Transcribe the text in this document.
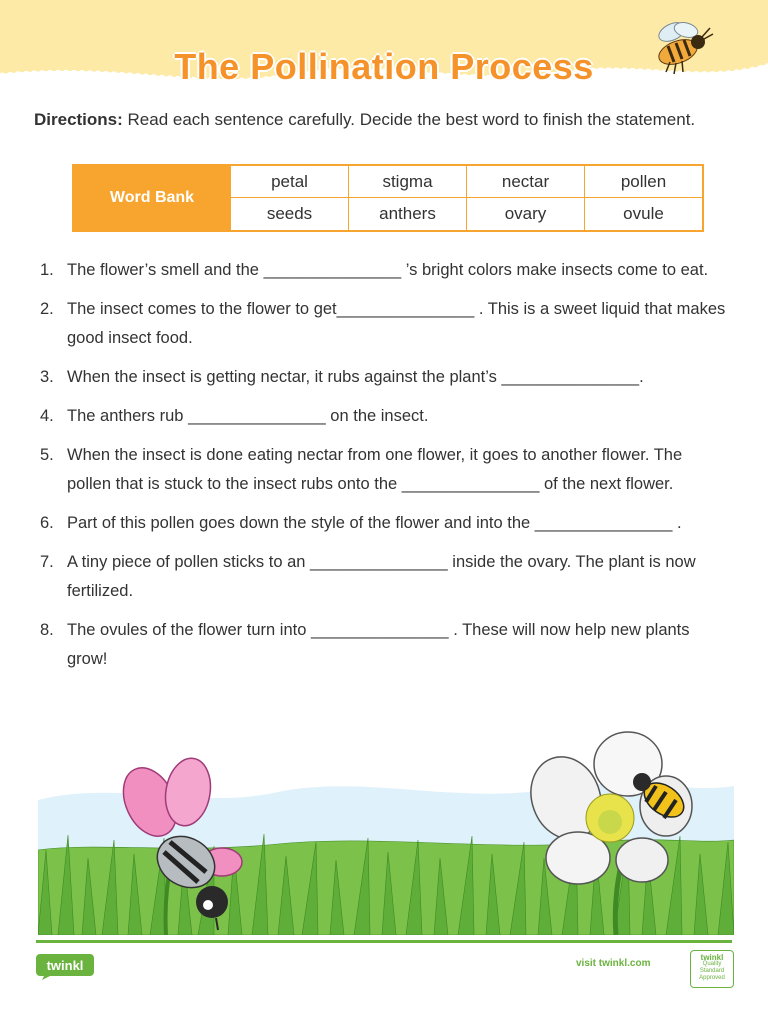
The Pollination Process
Directions: Read each sentence carefully. Decide the best word to finish the statement.
Word Bank
petal	stigma	nectar	pollen
seeds	anthers	ovary	ovule
1. The flower’s smell and the _______________ ’s bright colors make insects come to eat.
2. The insect comes to the flower to get_______________ . This is a sweet liquid that makes good insect food.
3. When the insect is getting nectar, it rubs against the plant’s _______________.
4. The anthers rub _______________ on the insect.
5. When the insect is done eating nectar from one flower, it goes to another flower. The pollen that is stuck to the insect rubs onto the _______________ of the next flower.
6. Part of this pollen goes down the style of the flower and into the _______________ .
7. A tiny piece of pollen sticks to an _______________ inside the ovary. The plant is now fertilized.
8. The ovules of the flower turn into _______________ . These will now help new plants grow!
twinkl	visit twinkl.com
twinkl
Quality Standard
Approved
